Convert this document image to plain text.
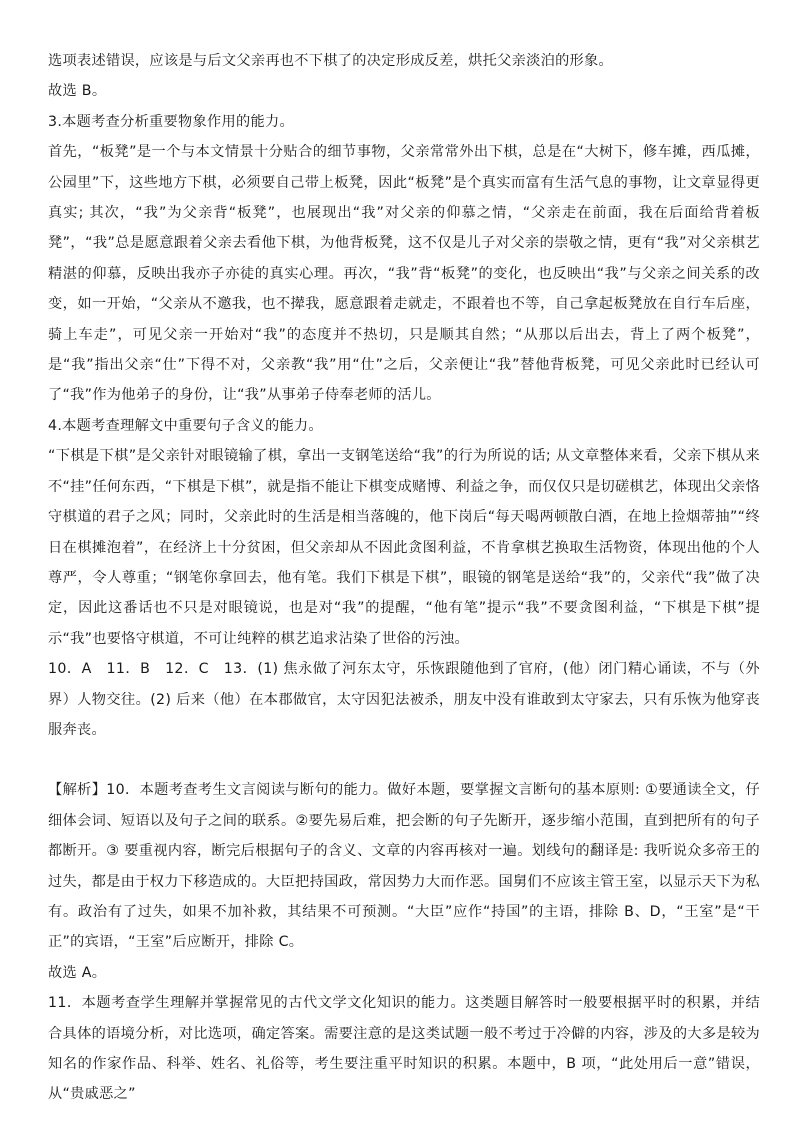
选项表述错误，应该是与后文父亲再也不下棋了的决定形成反差，烘托父亲淡泊的形象。

故选 B。

3.本题考查分析重要物象作用的能力。

首先，“板凳”是一个与本文情景十分贴合的细节事物，父亲常常外出下棋，总是在“大树下，修车摊，西瓜摊，公园里”下，这些地方下棋，必须要自己带上板凳，因此“板凳”是个真实而富有生活气息的事物，让文章显得更真实; 其次，“我”为父亲背“板凳”，也展现出“我”对父亲的仰慕之情，“父亲走在前面，我在后面给背着板凳”，“我”总是愿意跟着父亲去看他下棋，为他背板凳，这不仅是儿子对父亲的崇敬之情，更有“我”对父亲棋艺精湛的仰慕，反映出我亦子亦徒的真实心理。再次，“我”背“板凳”的变化，也反映出“我”与父亲之间关系的改变，如一开始，“父亲从不邀我，也不撵我，愿意跟着走就走，不跟着也不等，自己拿起板凳放在自行车后座，骑上车走”，可见父亲一开始对“我”的态度并不热切，只是顺其自然；“从那以后出去，背上了两个板凳”，是“我”指出父亲“仕”下得不对，父亲教“我”用“仕”之后，父亲便让“我”替他背板凳，可见父亲此时已经认可了“我”作为他弟子的身份，让“我”从事弟子侍奉老师的活儿。

4.本题考查理解文中重要句子含义的能力。

“下棋是下棋”是父亲针对眼镜输了棋，拿出一支钢笔送给“我”的行为所说的话; 从文章整体来看，父亲下棋从来不“挂”任何东西，“下棋是下棋”，就是指不能让下棋变成赌博、利益之争，而仅仅只是切磋棋艺，体现出父亲恪守棋道的君子之风；同时，父亲此时的生活是相当落魄的，他下岗后“每天喝两顿散白酒，在地上捡烟蒂抽”“终日在棋摊泡着”，在经济上十分贫困，但父亲却从不因此贪图利益，不肯拿棋艺换取生活物资，体现出他的个人尊严，令人尊重；“钢笔你拿回去，他有笔。我们下棋是下棋”，眼镜的钢笔是送给“我”的，父亲代“我”做了决定，因此这番话也不只是对眼镜说，也是对“我”的提醒，“他有笔”提示“我”不要贪图利益，“下棋是下棋”提示“我”也要恪守棋道，不可让纯粹的棋艺追求沾染了世俗的污浊。

10．A　11．B　12．C　13．(1) 焦永做了河东太守，乐恢跟随他到了官府，(他）闭门精心诵读，不与（外界）人物交往。(2) 后来（他）在本郡做官，太守因犯法被杀，朋友中没有谁敢到太守家去，只有乐恢为他穿丧服奔丧。

【解析】10．本题考查考生文言阅读与断句的能力。做好本题，要掌握文言断句的基本原则: ①要通读全文，仔细体会词、短语以及句子之间的联系。②要先易后难，把会断的句子先断开，逐步缩小范围，直到把所有的句子都断开。③ 要重视内容，断完后根据句子的含义、文章的内容再核对一遍。划线句的翻译是: 我听说众多帝王的过失，都是由于权力下移造成的。大臣把持国政，常因势力大而作恶。国舅们不应该主管王室，以显示天下为私有。政治有了过失，如果不加补救，其结果不可预测。“大臣”应作“持国”的主语，排除 B、D，“王室”是“干正”的宾语，“王室”后应断开，排除 C。

故选 A。

11．本题考查学生理解并掌握常见的古代文学文化知识的能力。这类题目解答时一般要根据平时的积累，并结合具体的语境分析，对比选项，确定答案。需要注意的是这类试题一般不考过于冷僻的内容，涉及的大多是较为知名的作家作品、科举、姓名、礼俗等，考生要注重平时知识的积累。本题中，B 项，“此处用后一意”错误，从“贵戚恶之”
